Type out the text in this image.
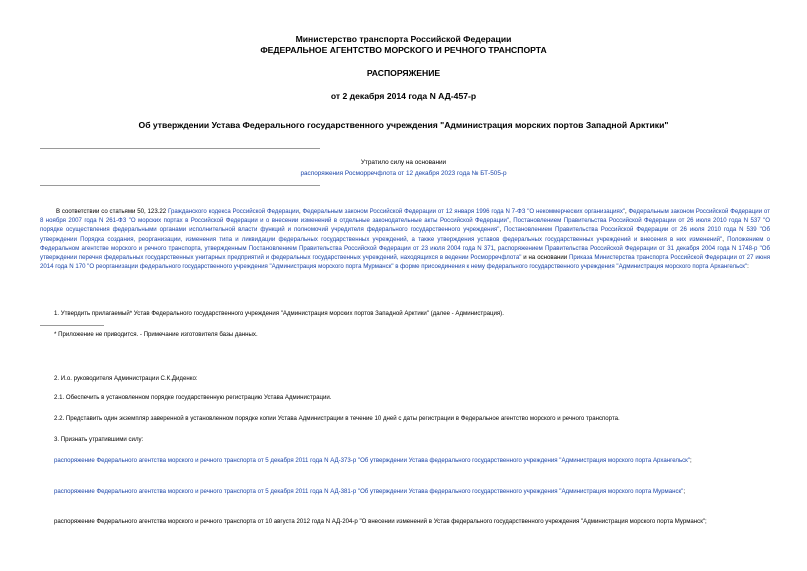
Министерство транспорта Российской Федерации
ФЕДЕРАЛЬНОЕ АГЕНТСТВО МОРСКОГО И РЕЧНОГО ТРАНСПОРТА
РАСПОРЯЖЕНИЕ
от 2 декабря 2014 года N АД-457-р
Об утверждении Устава Федерального государственного учреждения "Администрация морских портов Западной Арктики"
Утратило силу на основании
распоряжения Росморречфлота от 12 декабря 2023 года № БТ-505-р
В соответствии со статьями 50, 123.22 Гражданского кодекса Российской Федерации, Федеральным законом Российской Федерации от 12 января 1996 года N 7-ФЗ "О некоммерческих организациях", Федеральным законом Российской Федерации от 8 ноября 2007 года N 261-ФЗ "О морских портах в Российской Федерации и о внесении изменений в отдельные законодательные акты Российской Федерации", Постановлением Правительства Российской Федерации от 26 июля 2010 года N 537 "О порядке осуществления федеральными органами исполнительной власти функций и полномочий учредителя федерального государственного учреждения", Постановлением Правительства Российской Федерации от 26 июля 2010 года N 539 "Об утверждении Порядка создания, реорганизации, изменения типа и ликвидации федеральных государственных учреждений, а также утверждения уставов федеральных государственных учреждений и внесения в них изменений", Положением о Федеральном агентстве морского и речного транспорта, утвержденным Постановлением Правительства Российской Федерации от 23 июля 2004 года N 371, распоряжением Правительства Российской Федерации от 31 декабря 2004 года N 1748-р "Об утверждении перечня федеральных государственных унитарных предприятий и федеральных государственных учреждений, находящихся в ведении Росморречфлота" и на основании Приказа Министерства транспорта Российской Федерации от 27 июня 2014 года N 170 "О реорганизации федерального государственного учреждения "Администрация морского порта Мурманск" в форме присоединения к нему федерального государственного учреждения "Администрация морского порта Архангельск":
1. Утвердить прилагаемый* Устав Федерального государственного учреждения "Администрация морских портов Западной Арктики" (далее - Администрация).
* Приложение не приводится. - Примечание изготовителя базы данных.
2. И.о. руководителя Администрации С.К.Диденко:
2.1. Обеспечить в установленном порядке государственную регистрацию Устава Администрации.
2.2. Представить один экземпляр заверенной в установленном порядке копии Устава Администрации в течение 10 дней с даты регистрации в Федеральное агентство морского и речного транспорта.
3. Признать утратившими силу:
распоряжение Федерального агентства морского и речного транспорта от 5 декабря 2011 года N АД-373-р "Об утверждении Устава федерального государственного учреждения "Администрация морского порта Архангельск";
распоряжение Федерального агентства морского и речного транспорта от 5 декабря 2011 года N АД-381-р "Об утверждении Устава федерального государственного учреждения "Администрация морского порта Мурманск";
распоряжение Федерального агентства морского и речного транспорта от 10 августа 2012 года N АД-204-р "О внесении изменений в Устав федерального государственного учреждения "Администрация морского порта Мурманск";
